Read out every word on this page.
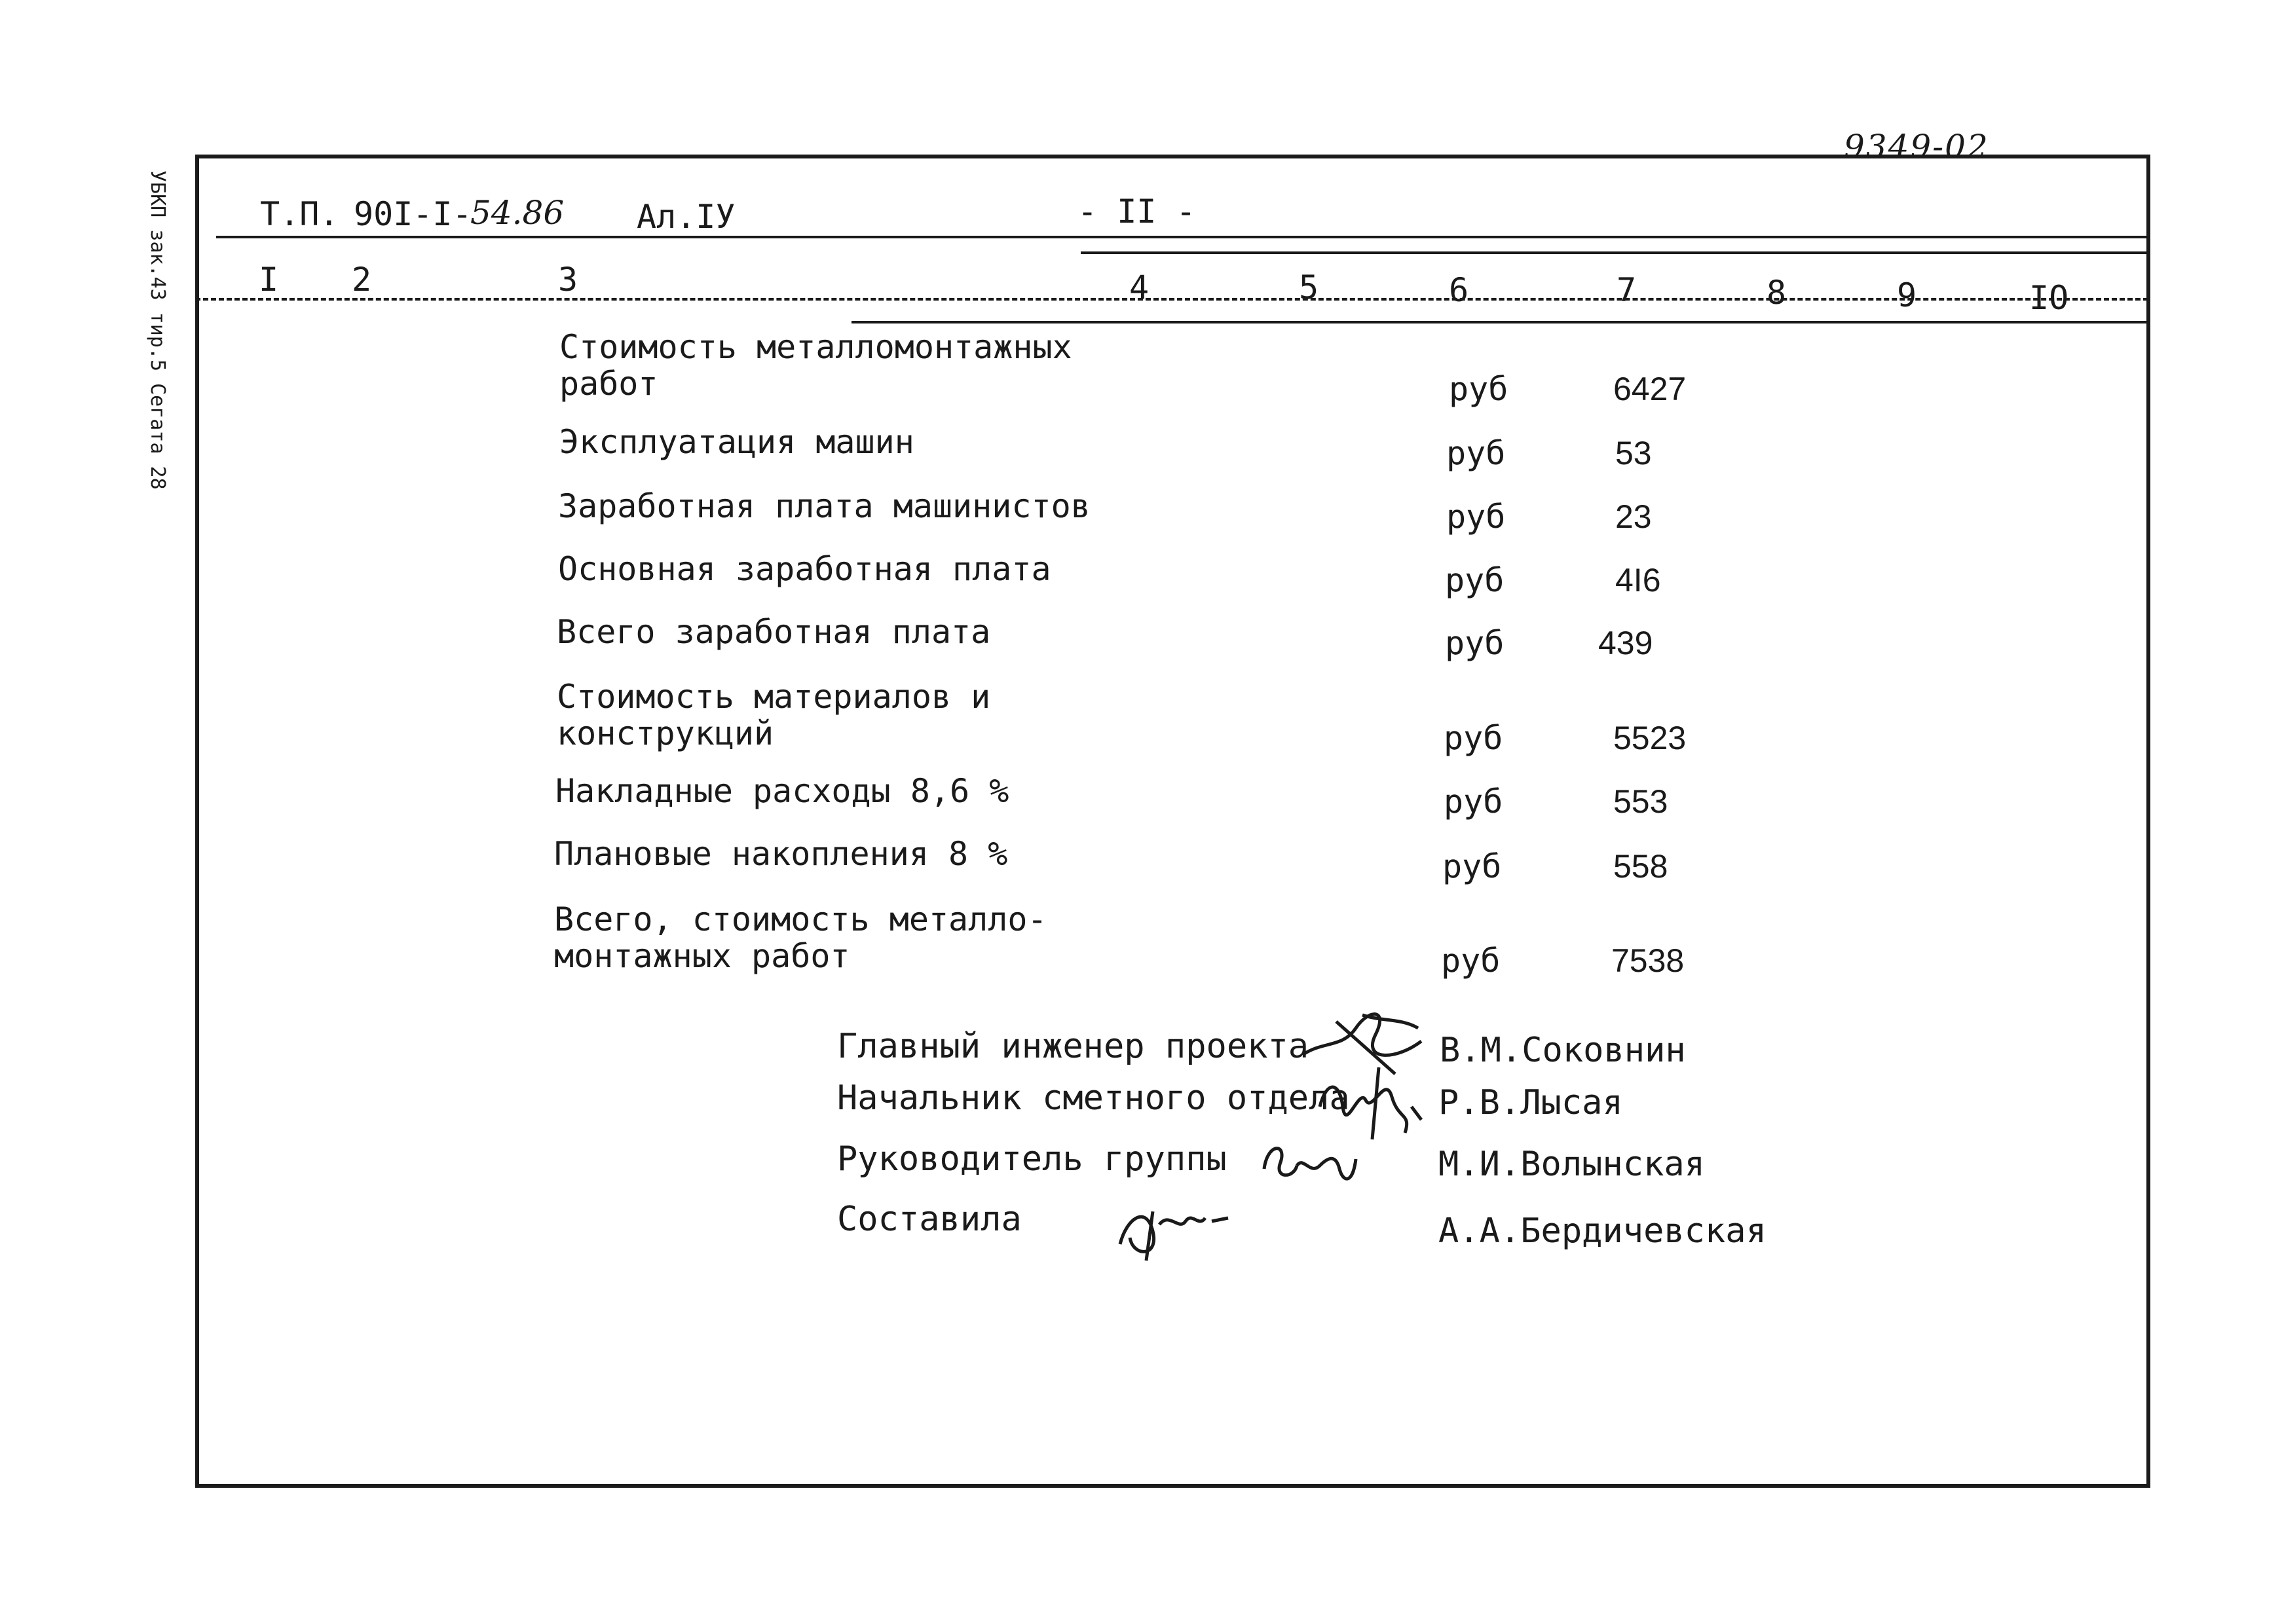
9349-02
УБКП зак.43 тир.5 Сегата 28	Т.П. 90I-I-
54.86 Ал.IУ	- II -
I 2	3	4	5	6	7	8	9	IO
Стоимость металломонтажных
работ	руб	6427
Эксплуатация машин	руб	53
Заработная плата машинистов	руб	23
Основная заработная плата	руб	4I6
Всего заработная плата	руб	439
Стоимость материалов и
конструкций	руб	5523
Накладные расходы 8,6 %	руб	553
Плановые накопления 8 %	руб	558
Всего, стоимость металло-
монтажных работ	руб	7538
Главный инженер проекта	В.М.Соковнин
Начальник сметного отдела	Р.В.Лысая
Руководитель группы	М.И.Волынская
Составила	А.А.Бердичевская
